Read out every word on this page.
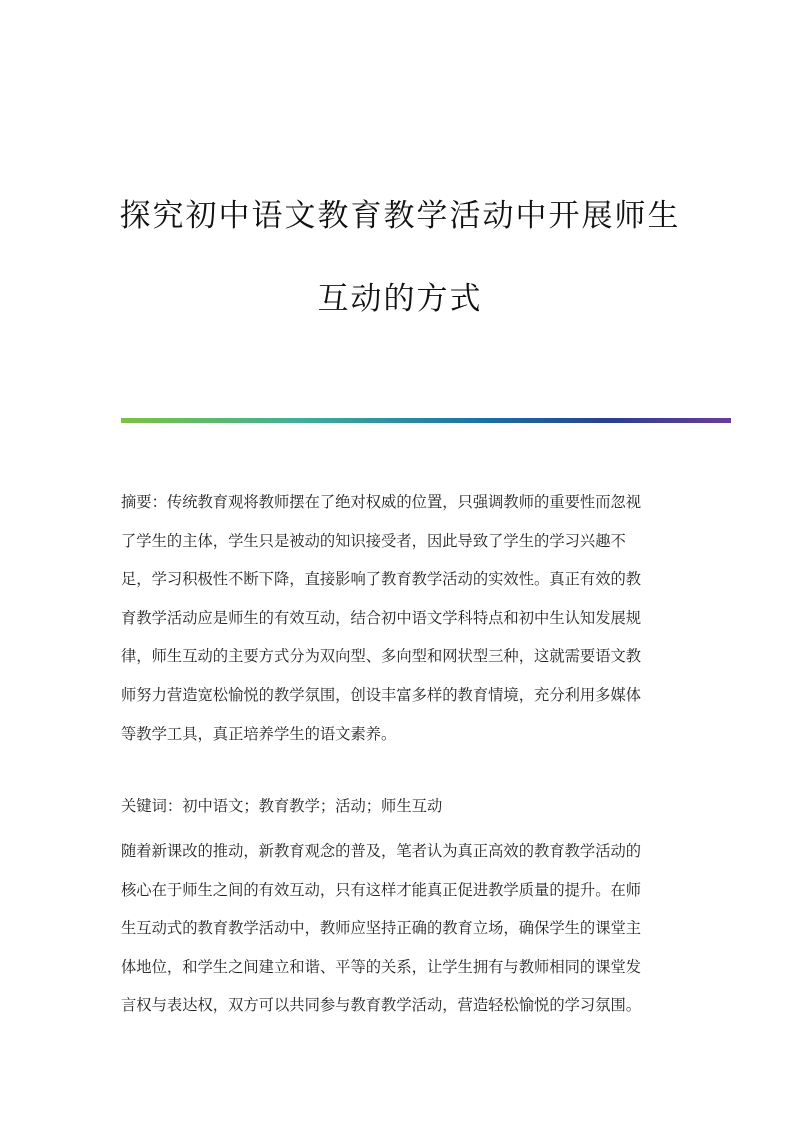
探究初中语文教育教学活动中开展师生
互动的方式
摘要：传统教育观将教师摆在了绝对权威的位置，只强调教师的重要性而忽视
了学生的主体，学生只是被动的知识接受者，因此导致了学生的学习兴趣不
足，学习积极性不断下降，直接影响了教育教学活动的实效性。真正有效的教
育教学活动应是师生的有效互动，结合初中语文学科特点和初中生认知发展规
律，师生互动的主要方式分为双向型、多向型和网状型三种，这就需要语文教
师努力营造宽松愉悦的教学氛围，创设丰富多样的教育情境，充分利用多媒体
等教学工具，真正培养学生的语文素养。
关键词：初中语文；教育教学；活动；师生互动
随着新课改的推动，新教育观念的普及，笔者认为真正高效的教育教学活动的
核心在于师生之间的有效互动，只有这样才能真正促进教学质量的提升。在师
生互动式的教育教学活动中，教师应坚持正确的教育立场，确保学生的课堂主
体地位，和学生之间建立和谐、平等的关系，让学生拥有与教师相同的课堂发
言权与表达权，双方可以共同参与教育教学活动，营造轻松愉悦的学习氛围。
